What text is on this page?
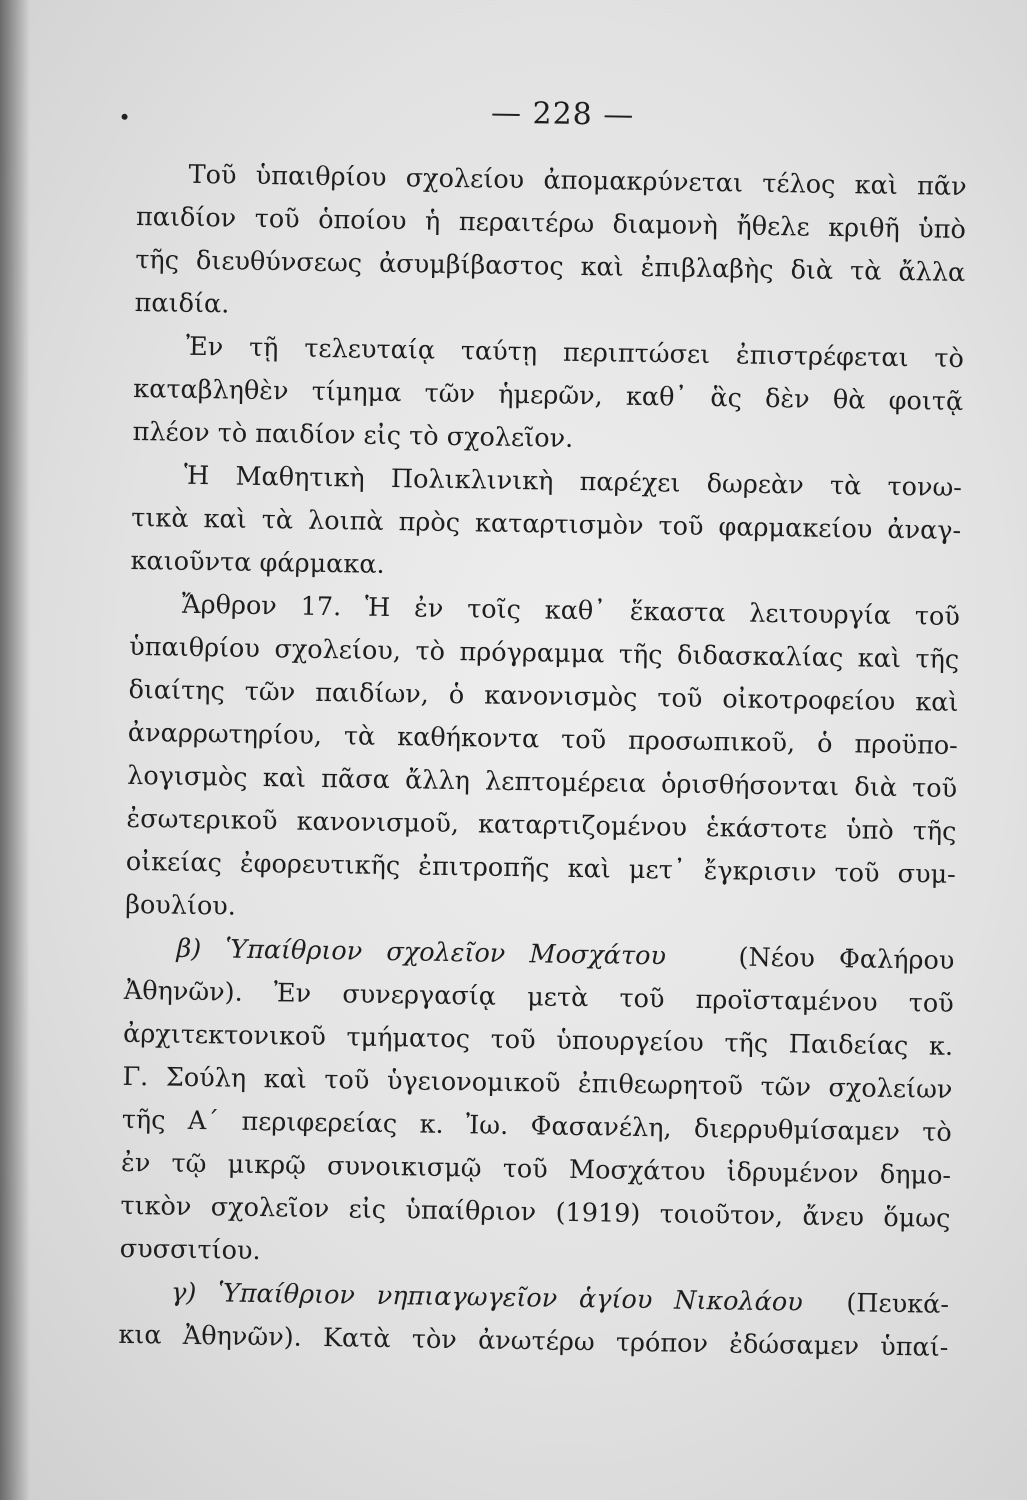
— 228 —
Τοῦ ὑπαιθρίου σχολείου ἀπομακρύνεται τέλος καὶ πᾶν
παιδίον τοῦ ὁποίου ἡ περαιτέρω διαμονὴ ἤθελε κριθῆ ὑπὸ
τῆς διευθύνσεως ἀσυμβίβαστος καὶ ἐπιβλαβὴς διὰ τὰ ἄλλα
παιδία.
Ἐν τῇ τελευταίᾳ ταύτῃ περιπτώσει ἐπιστρέφεται τὸ
καταβληθὲν τίμημα τῶν ἡμερῶν, καθ᾽ ἃς δὲν θὰ φοιτᾷ
πλέον τὸ παιδίον εἰς τὸ σχολεῖον.
Ἡ Μαθητικὴ Πολικλινικὴ παρέχει δωρεὰν τὰ τονω-
τικὰ καὶ τὰ λοιπὰ πρὸς καταρτισμὸν τοῦ φαρμακείου ἀναγ-
καιοῦντα φάρμακα.
Ἄρθρον 17. Ἡ ἐν τοῖς καθ᾽ ἕκαστα λειτουργία τοῦ
ὑπαιθρίου σχολείου, τὸ πρόγραμμα τῆς διδασκαλίας καὶ τῆς
διαίτης τῶν παιδίων, ὁ κανονισμὸς τοῦ οἰκοτροφείου καὶ
ἀναρρωτηρίου, τὰ καθήκοντα τοῦ προσωπικοῦ, ὁ προϋπο-
λογισμὸς καὶ πᾶσα ἄλλη λεπτομέρεια ὁρισθήσονται διὰ τοῦ
ἐσωτερικοῦ κανονισμοῦ, καταρτιζομένου ἑκάστοτε ὑπὸ τῆς
οἰκείας ἐφορευτικῆς ἐπιτροπῆς καὶ μετ᾽ ἔγκρισιν τοῦ συμ-
βουλίου.
β) Ὑπαίθριον σχολεῖον Μοσχάτου	(Νέου Φαλήρου
Ἀθηνῶν). Ἐν συνεργασίᾳ μετὰ τοῦ προϊσταμένου τοῦ
ἀρχιτεκτονικοῦ τμήματος τοῦ ὑπουργείου τῆς Παιδείας κ.
Γ. Σούλη καὶ τοῦ ὑγειονομικοῦ ἐπιθεωρητοῦ τῶν σχολείων
τῆς Α´ περιφερείας κ. Ἰω. Φασανέλη, διερρυθμίσαμεν τὸ
ἐν τῷ μικρῷ συνοικισμῷ τοῦ Μοσχάτου ἱδρυμένον δημο-
τικὸν σχολεῖον εἰς ὑπαίθριον (1919) τοιοῦτον, ἄνευ ὅμως
συσσιτίου.
γ) Ὑπαίθριον νηπιαγωγεῖον ἁγίου Νικολάου (Πευκά-
κια Ἀθηνῶν). Κατὰ τὸν ἀνωτέρω τρόπον ἐδώσαμεν ὑπαί-
